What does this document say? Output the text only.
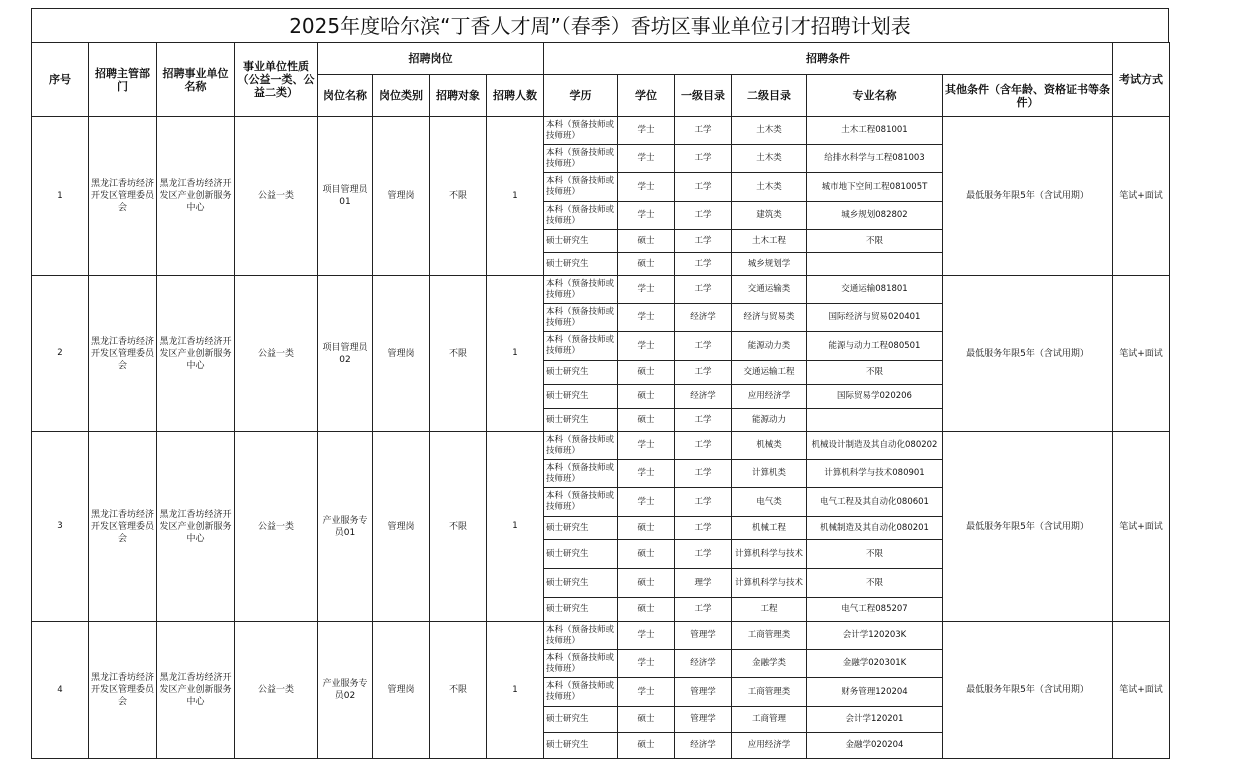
2025年度哈尔滨“丁香人才周”（春季）香坊区事业单位引才招聘计划表
序号	招聘主管部门	招聘事业单位名称	事业单位性质（公益一类、公益二类）	招聘岗位				招聘条件						考试方式
				岗位名称	岗位类别	招聘对象	招聘人数	学历	学位	一级目录	二级目录	专业名称	其他条件（含年龄、资格证书等条件）	
1	黑龙江香坊经济开发区管理委员会	黑龙江香坊经济开发区产业创新服务中心	公益一类	项目管理员01	管理岗	不限	1	本科（预备技师或技师班）	学士	工学	土木类	土木工程081001	最低服务年限5年（含试用期）	笔试+面试
								本科（预备技师或技师班）	学士	工学	土木类	给排水科学与工程081003		
								本科（预备技师或技师班）	学士	工学	土木类	城市地下空间工程081005T		
								本科（预备技师或技师班）	学士	工学	建筑类	城乡规划082802		
								硕士研究生	硕士	工学	土木工程	不限		
								硕士研究生	硕士	工学	城乡规划学			
2	黑龙江香坊经济开发区管理委员会	黑龙江香坊经济开发区产业创新服务中心	公益一类	项目管理员02	管理岗	不限	1	本科（预备技师或技师班）	学士	工学	交通运输类	交通运输081801	最低服务年限5年（含试用期）	笔试+面试
								本科（预备技师或技师班）	学士	经济学	经济与贸易类	国际经济与贸易020401		
								本科（预备技师或技师班）	学士	工学	能源动力类	能源与动力工程080501		
								硕士研究生	硕士	工学	交通运输工程	不限		
								硕士研究生	硕士	经济学	应用经济学	国际贸易学020206		
								硕士研究生	硕士	工学	能源动力			
3	黑龙江香坊经济开发区管理委员会	黑龙江香坊经济开发区产业创新服务中心	公益一类	产业服务专员01	管理岗	不限	1	本科（预备技师或技师班）	学士	工学	机械类	机械设计制造及其自动化080202	最低服务年限5年（含试用期）	笔试+面试
								本科（预备技师或技师班）	学士	工学	计算机类	计算机科学与技术080901		
								本科（预备技师或技师班）	学士	工学	电气类	电气工程及其自动化080601		
								硕士研究生	硕士	工学	机械工程	机械制造及其自动化080201		
								硕士研究生	硕士	工学	计算机科学与技术	不限		
								硕士研究生	硕士	理学	计算机科学与技术	不限		
								硕士研究生	硕士	工学	工程	电气工程085207		
4	黑龙江香坊经济开发区管理委员会	黑龙江香坊经济开发区产业创新服务中心	公益一类	产业服务专员02	管理岗	不限	1	本科（预备技师或技师班）	学士	管理学	工商管理类	会计学120203K	最低服务年限5年（含试用期）	笔试+面试
								本科（预备技师或技师班）	学士	经济学	金融学类	金融学020301K		
								本科（预备技师或技师班）	学士	管理学	工商管理类	财务管理120204		
								硕士研究生	硕士	管理学	工商管理	会计学120201		
								硕士研究生	硕士	经济学	应用经济学	金融学020204		
